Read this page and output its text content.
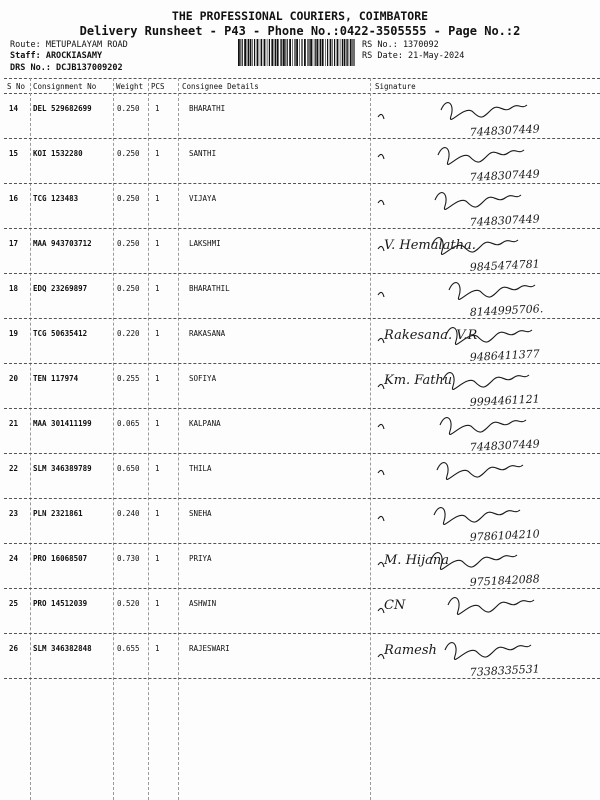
THE PROFESSIONAL COURIERS, COIMBATORE
Delivery Runsheet - P43 - Phone No.:0422-3505555 - Page No.:2
Route: METUPALAYAM ROAD
Staff: AROCKIASAMY
DRS No.: DCJB137009202
RS No.: 1370092
RS Date: 21-May-2024
S No Consignment No	Weight PCS Consignee Details	Signature
14 DEL 529682699	0.250 1	BHARATHI
7448307449
15 KOI 1532280	0.250 1	SANTHI
7448307449
16 TCG 123483	0.250 1	VIJAYA
7448307449
17 MAA 943703712	0.250 1	LAKSHMI	V. Hemalatha.
9845474781
18 EDQ 23269897	0.250 1	BHARATHIL
8144995706.
19 TCG 50635412	0.220 1	RAKASANA	Rakesana. V.R
9486411377
20 TEN 117974	0.255 1	SOFIYA	Km. Fathu
9994461121
21 MAA 301411199	0.065 1	KALPANA
7448307449
22 SLM 346389789	0.650 1	THILA
23 PLN 2321861	0.240 1	SNEHA
9786104210
24 PRO 16068507	0.730 1	PRIYA	M. Hijana
9751842088
25 PRO 14512039	0.520 1	ASHWIN	CN
26 SLM 346382848	0.655 1	RAJESWARI	Ramesh
7338335531
